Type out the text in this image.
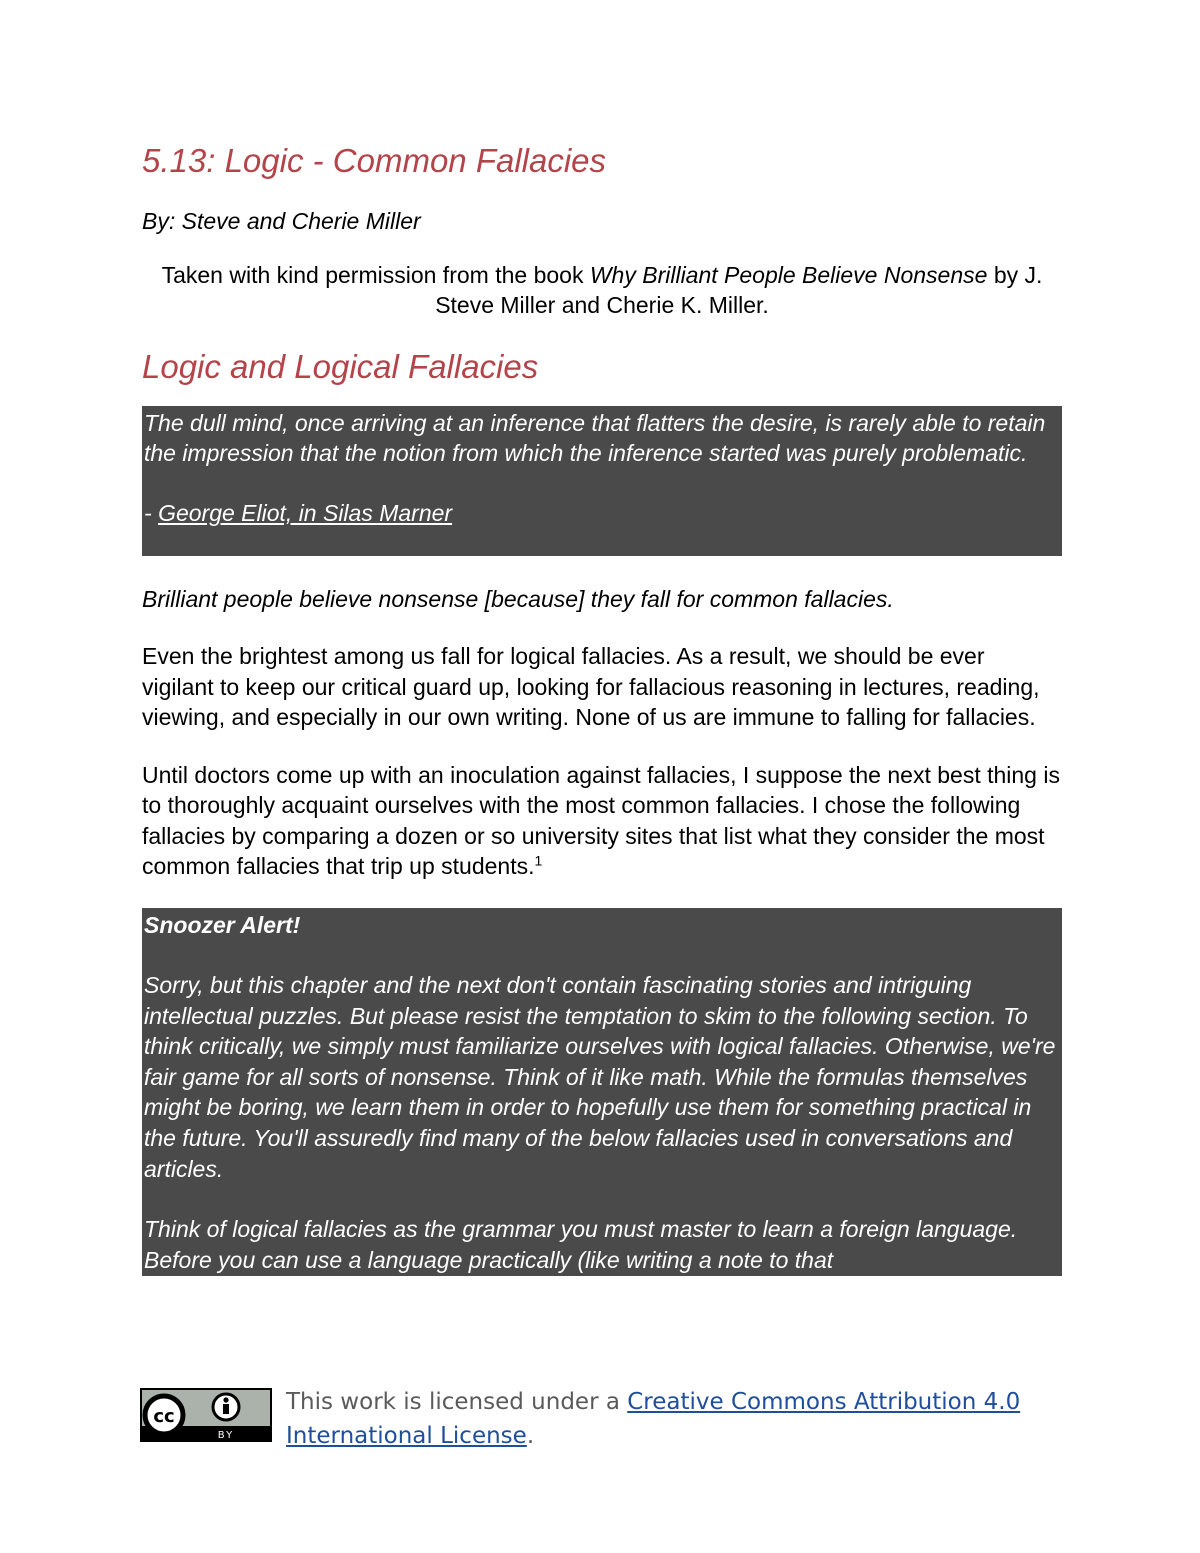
5.13: Logic - Common Fallacies

By: Steve and Cherie Miller

Taken with kind permission from the book Why Brilliant People Believe Nonsense by J. Steve Miller and Cherie K. Miller.

Logic and Logical Fallacies

The dull mind, once arriving at an inference that flatters the desire, is rarely able to retain the impression that the notion from which the inference started was purely problematic.

- George Eliot, in Silas Marner

Brilliant people believe nonsense [because] they fall for common fallacies.

Even the brightest among us fall for logical fallacies. As a result, we should be ever vigilant to keep our critical guard up, looking for fallacious reasoning in lectures, reading, viewing, and especially in our own writing. None of us are immune to falling for fallacies.

Until doctors come up with an inoculation against fallacies, I suppose the next best thing is to thoroughly acquaint ourselves with the most common fallacies. I chose the following fallacies by comparing a dozen or so university sites that list what they consider the most common fallacies that trip up students.$^1$

Snoozer Alert!

Sorry, but this chapter and the next don't contain fascinating stories and intriguing intellectual puzzles. But please resist the temptation to skim to the following section. To think critically, we simply must familiarize ourselves with logical fallacies. Otherwise, we're fair game for all sorts of nonsense. Think of it like math. While the formulas themselves might be boring, we learn them in order to hopefully use them for something practical in the future. You'll assuredly find many of the below fallacies used in conversations and articles.

Think of logical fallacies as the grammar you must master to learn a foreign language. Before you can use a language practically (like writing a note to that

cc
BY
This work is licensed under a Creative Commons Attribution 4.0 International License.
